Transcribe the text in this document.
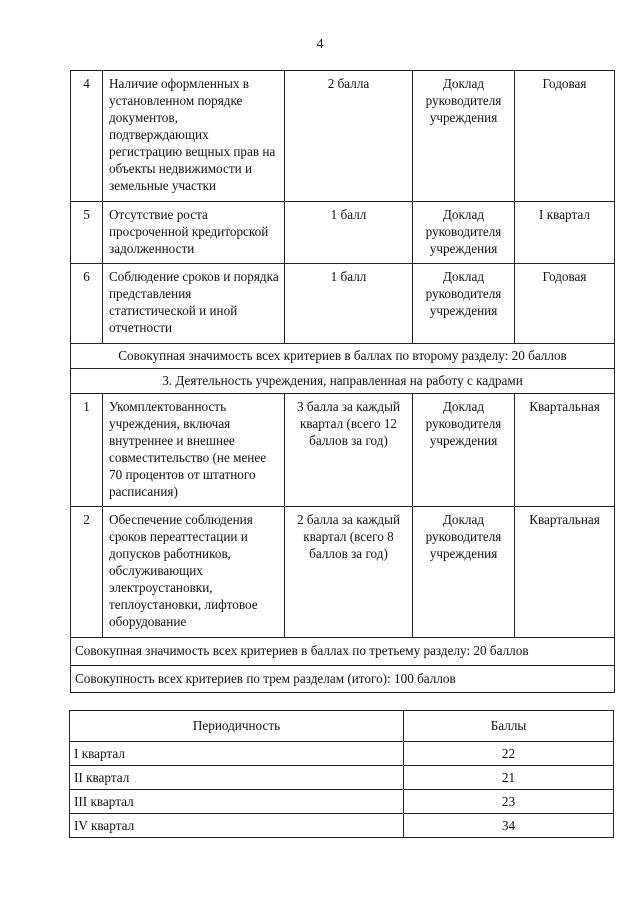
4
4	Наличие оформленных в установленном порядке документов, подтверждающих регистрацию вещных прав на объекты недвижимости и земельные участки	2 балла	Доклад руководителя учреждения	Годовая
5	Отсутствие роста просроченной кредиторской задолженности	1 балл	Доклад руководителя учреждения	I квартал
6	Соблюдение сроков и порядка представления статистической и иной отчетности	1 балл	Доклад руководителя учреждения	Годовая
Совокупная значимость всех критериев в баллах по второму разделу: 20 баллов				
3. Деятельность учреждения, направленная на работу с кадрами				
1	Укомплектованность учреждения, включая внутреннее и внешнее совместительство (не менее 70 процентов от штатного расписания)	3 балла за каждый квартал (всего 12 баллов за год)	Доклад руководителя учреждения	Квартальная
2	Обеспечение соблюдения сроков переаттестации и допусков работников, обслуживающих электроустановки, теплоустановки, лифтовое оборудование	2 балла за каждый квартал (всего 8 баллов за год)	Доклад руководителя учреждения	Квартальная
Совокупная значимость всех критериев в баллах по третьему разделу: 20 баллов				
Совокупность всех критериев по трем разделам (итого): 100 баллов				
Периодичность	Баллы
I квартал	22
II квартал	21
III квартал	23
IV квартал	34
